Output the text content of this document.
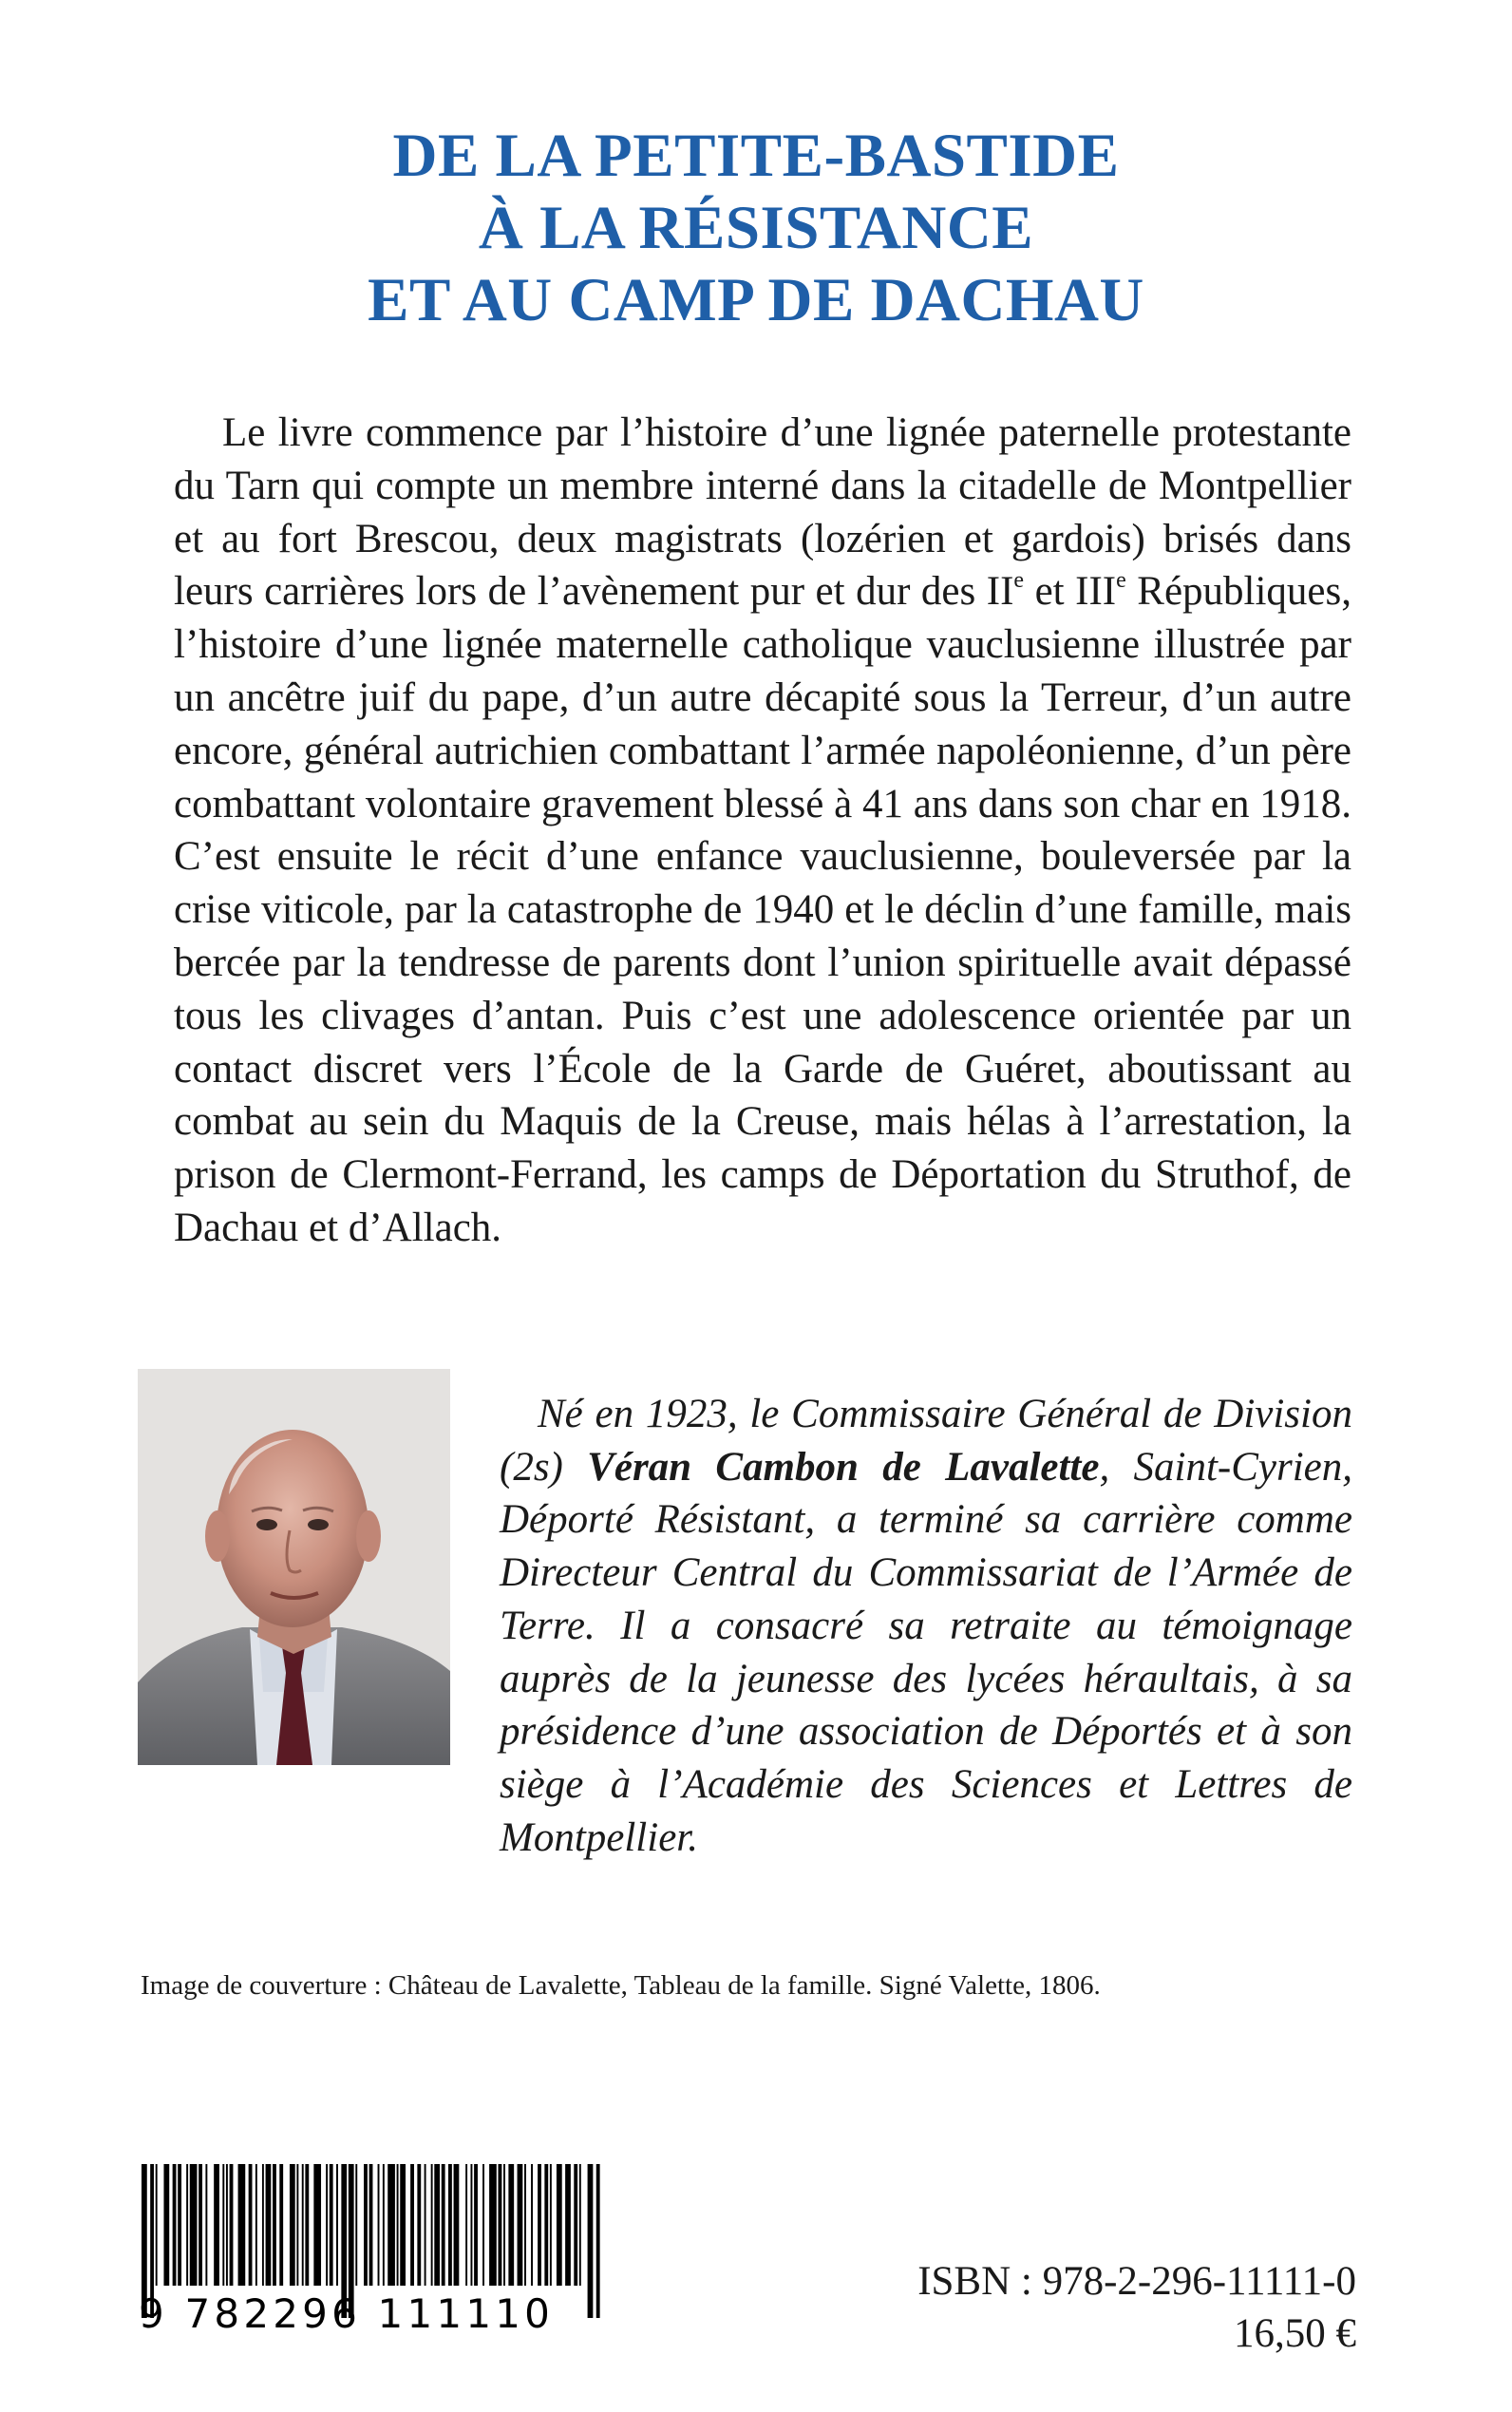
DE LA PETITE-BASTIDE
À LA RÉSISTANCE
ET AU CAMP DE DACHAU

Le livre commence par l’histoire d’une lignée paternelle protestante du Tarn qui compte un membre interné dans la citadelle de Montpellier et au fort Brescou, deux magistrats (lozérien et gardois) brisés dans leurs carrières lors de l’avènement pur et dur des IIe et IIIe Républiques, l’histoire d’une lignée maternelle catholique vauclusienne illustrée par un ancêtre juif du pape, d’un autre décapité sous la Terreur, d’un autre encore, général autrichien combattant l’armée napoléonienne, d’un père combattant volontaire gravement blessé à 41 ans dans son char en 1918. C’est ensuite le récit d’une enfance vauclusienne, bouleversée par la crise viticole, par la catastrophe de 1940 et le déclin d’une famille, mais bercée par la tendresse de parents dont l’union spirituelle avait dépassé tous les clivages d’antan. Puis c’est une adolescence orientée par un contact discret vers l’École de la Garde de Guéret, aboutissant au combat au sein du Maquis de la Creuse, mais hélas à l’arrestation, la prison de Clermont-Ferrand, les camps de Déportation du Struthof, de Dachau et d’Allach.

Né en 1923, le Commissaire Général de Division (2s) Véran Cambon de Lavalette, Saint-Cyrien, Déporté Résistant, a terminé sa carrière comme Directeur Central du Commissariat de l’Armée de Terre. Il a consacré sa retraite au témoignage auprès de la jeunesse des lycées héraultais, à sa présidence d’une association de Déportés et à son siège à l’Académie des Sciences et Lettres de Montpellier.

Image de couverture : Château de Lavalette, Tableau de la famille. Signé Valette, 1806.
9 782296 111110
ISBN : 978-2-296-11111-0
16,50 €
